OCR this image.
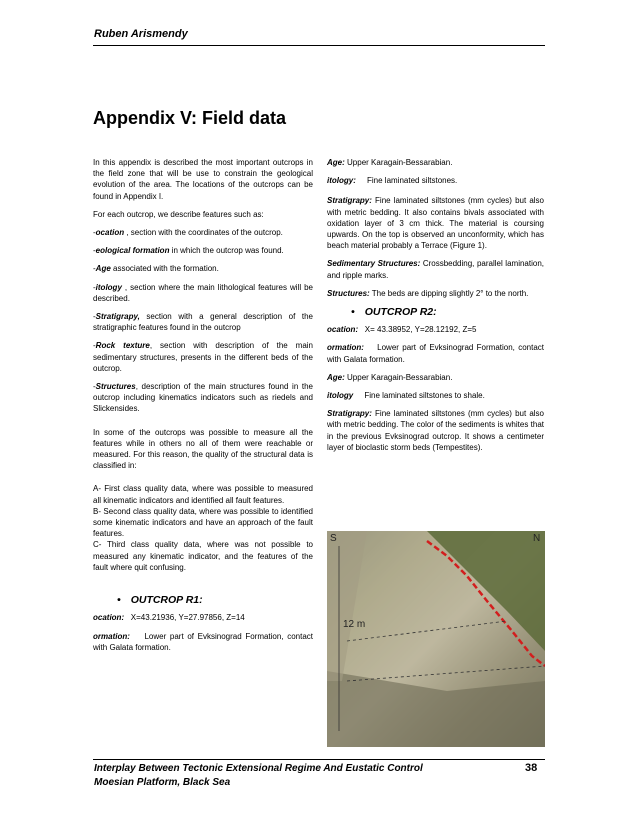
Ruben Arismendy
Appendix V: Field data

In this appendix is described the most important outcrops in the field zone that will be use to constrain the geological evolution of the area. The locations of the outcrops can be found in Appendix I.

For each outcrop, we describe features such as:

-ocation , section with the coordinates of the outcrop.

-eological formation in which the outcrop was found.

-Age associated with the formation.

-itology , section where the main lithological features will be described.

-Stratigrapy, section with a general description of the stratigraphic features found in the outcrop

-Rock texture, section with description of the main sedimentary structures, presents in the different beds of the outcrop.

-Structures, description of the main structures found in the outcrop including kinematics indicators such as riedels and Slickensides.

In some of the outcrops was possible to measure all the features while in others no all of them were reachable or measured. For this reason, the quality of the structural data is classified in:

A- First class quality data, where was possible to measured all kinematic indicators and identified all fault features.
B- Second class quality data, where was possible to identified some kinematic indicators and have an approach of the fault features.
C- Third class quality data, where was not possible to measured any kinematic indicator, and the features of the fault where quit confusing.
• OUTCROP R1:

ocation: X=43.21936, Y=27.97856, Z=14

ormation: Lower part of Evksinograd Formation, contact with Galata formation.

Age: Upper Karagain-Bessarabian.

itology: Fine laminated siltstones.

Stratigrapy: Fine laminated siltstones (mm cycles) but also with metric bedding. It also contains bivals associated with oxidation layer of 3 cm thick. The material is coursing upwards. On the top is observed an unconformity, which has beach material probably a Terrace (Figure 1).

Sedimentary Structures: Crossbedding, parallel lamination, and ripple marks.

Structures: The beds are dipping slightly 2° to the north.

• OUTCROP R2:

ocation: X= 43.38952, Y=28.12192, Z=5

ormation: Lower part of Evksinograd Formation, contact with Galata formation.

Age: Upper Karagain-Bessarabian.

itology Fine laminated siltstones to shale.

Stratigrapy: Fine laminated siltstones (mm cycles) but also with metric bedding. The color of the sediments is whites that in the previous Evksinograd outcrop. It shows a centimeter layer of bioclastic storm beds (Tempestites).

S	N
12 m
Interplay Between Tectonic Extensional Regime And Eustatic Control
Moesian Platform, Black Sea
38
